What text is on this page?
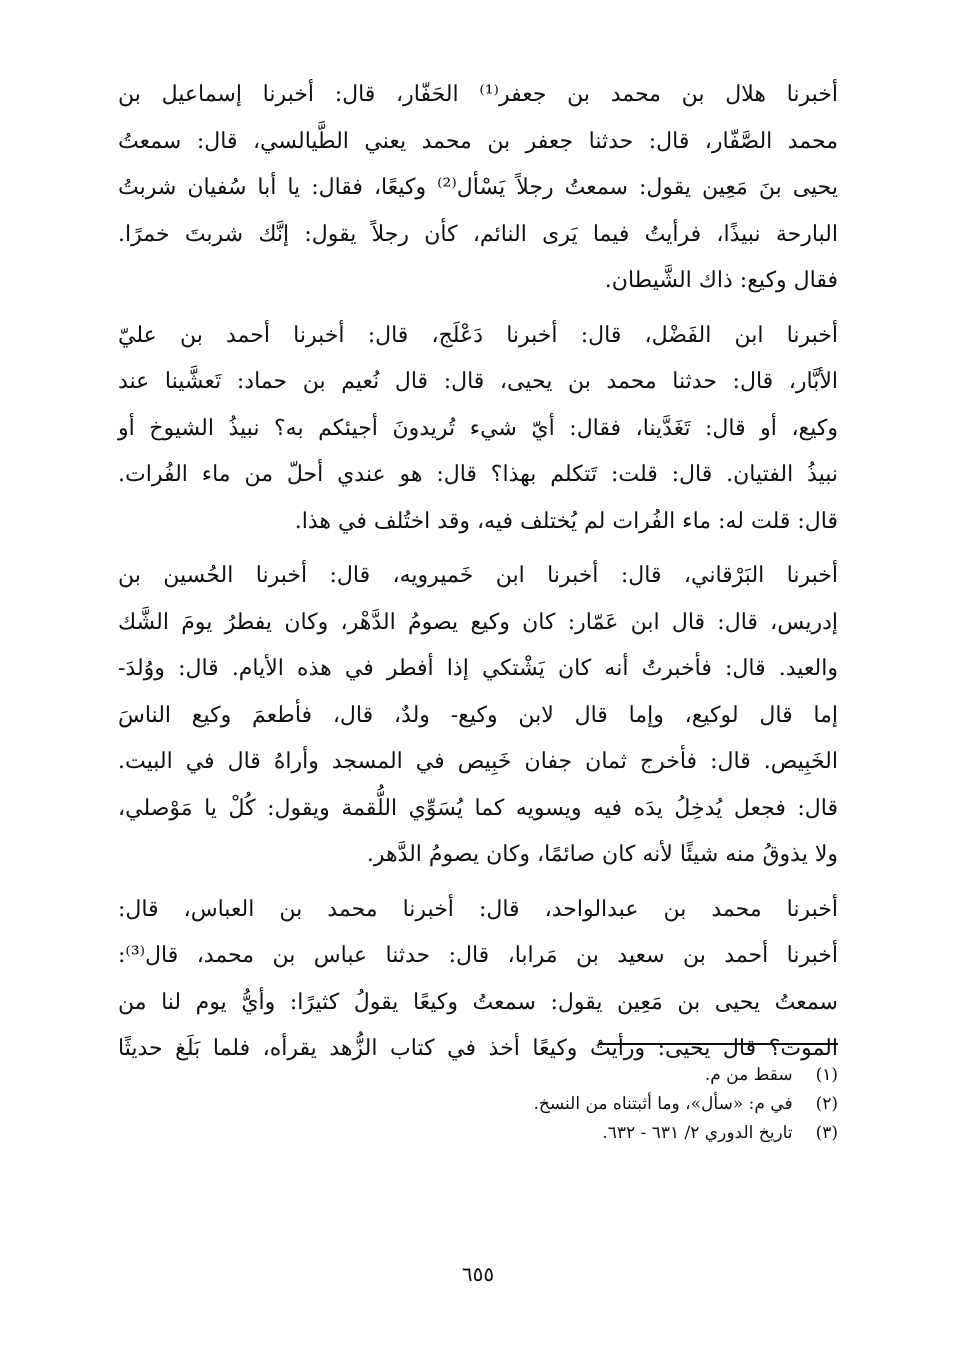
أخبرنا هلال بن محمد بن جعفر⁽¹⁾ الحَفّار، قال: أخبرنا إسماعيل بن
محمد الصَّفّار، قال: حدثنا جعفر بن محمد يعني الطَّيالسي، قال: سمعتُ
يحيى بنَ مَعِين يقول: سمعتُ رجلاً يَسْأل⁽²⁾ وكيعًا، فقال: يا أبا سُفيان شربتُ
البارحة نبيذًا، فرأيتُ فيما يَرى النائم، كأن رجلاً يقول: إنَّك شربتَ خمرًا.
فقال وكيع: ذاك الشَّيطان.

أخبرنا ابن الفَضْل، قال: أخبرنا دَعْلَج، قال: أخبرنا أحمد بن عليّ
الأبَّار، قال: حدثنا محمد بن يحيى، قال: قال نُعيم بن حماد: تَعشَّينا عند
وكيع، أو قال: تَغَدَّينا، فقال: أيّ شيء تُريدونَ أجيئكم به؟ نبيذُ الشيوخ أو
نبيذُ الفتيان. قال: قلت: تَتكلم بهذا؟ قال: هو عندي أحلّ من ماء الفُرات.
قال: قلت له: ماء الفُرات لم يُختلف فيه، وقد اختُلف في هذا.

أخبرنا البَرْقاني، قال: أخبرنا ابن خَميرويه، قال: أخبرنا الحُسين بن
إدريس، قال: قال ابن عَمّار: كان وكيع يصومُ الدَّهْر، وكان يفطرُ يومَ الشَّك
والعيد. قال: فأخبرتُ أنه كان يَشْتكي إذا أفطر في هذه الأيام. قال: ووُلدَ-
إما قال لوكيع، وإما قال لابن وكيع- ولدٌ، قال، فأطعمَ وكيع الناسَ
الخَبِيص. قال: فأخرج ثمان جفان خَبِيص في المسجد وأراهُ قال في البيت.
قال: فجعل يُدخِلُ يدَه فيه ويسويه كما يُسَوِّي اللُّقمة ويقول: كُلْ يا مَوْصلي،
ولا يذوقُ منه شيئًا لأنه كان صائمًا، وكان يصومُ الدَّهر.

أخبرنا محمد بن عبدالواحد، قال: أخبرنا محمد بن العباس، قال:
أخبرنا أحمد بن سعيد بن مَرابا، قال: حدثنا عباس بن محمد، قال⁽³⁾:
سمعتُ يحيى بن مَعِين يقول: سمعتُ وكيعًا يقولُ كثيرًا: وأيُّ يوم لنا من
الموت؟ قال يحيى: ورأيتُ وكيعًا أخذ في كتاب الزُّهد يقرأه، فلما بَلَغ حديثًا

(١) سقط من م.
(٢) في م: «سأل»، وما أثبتناه من النسخ.
(٣) تاريخ الدوري ٢/ ٦٣١ - ٦٣٢.
٦٥٥
